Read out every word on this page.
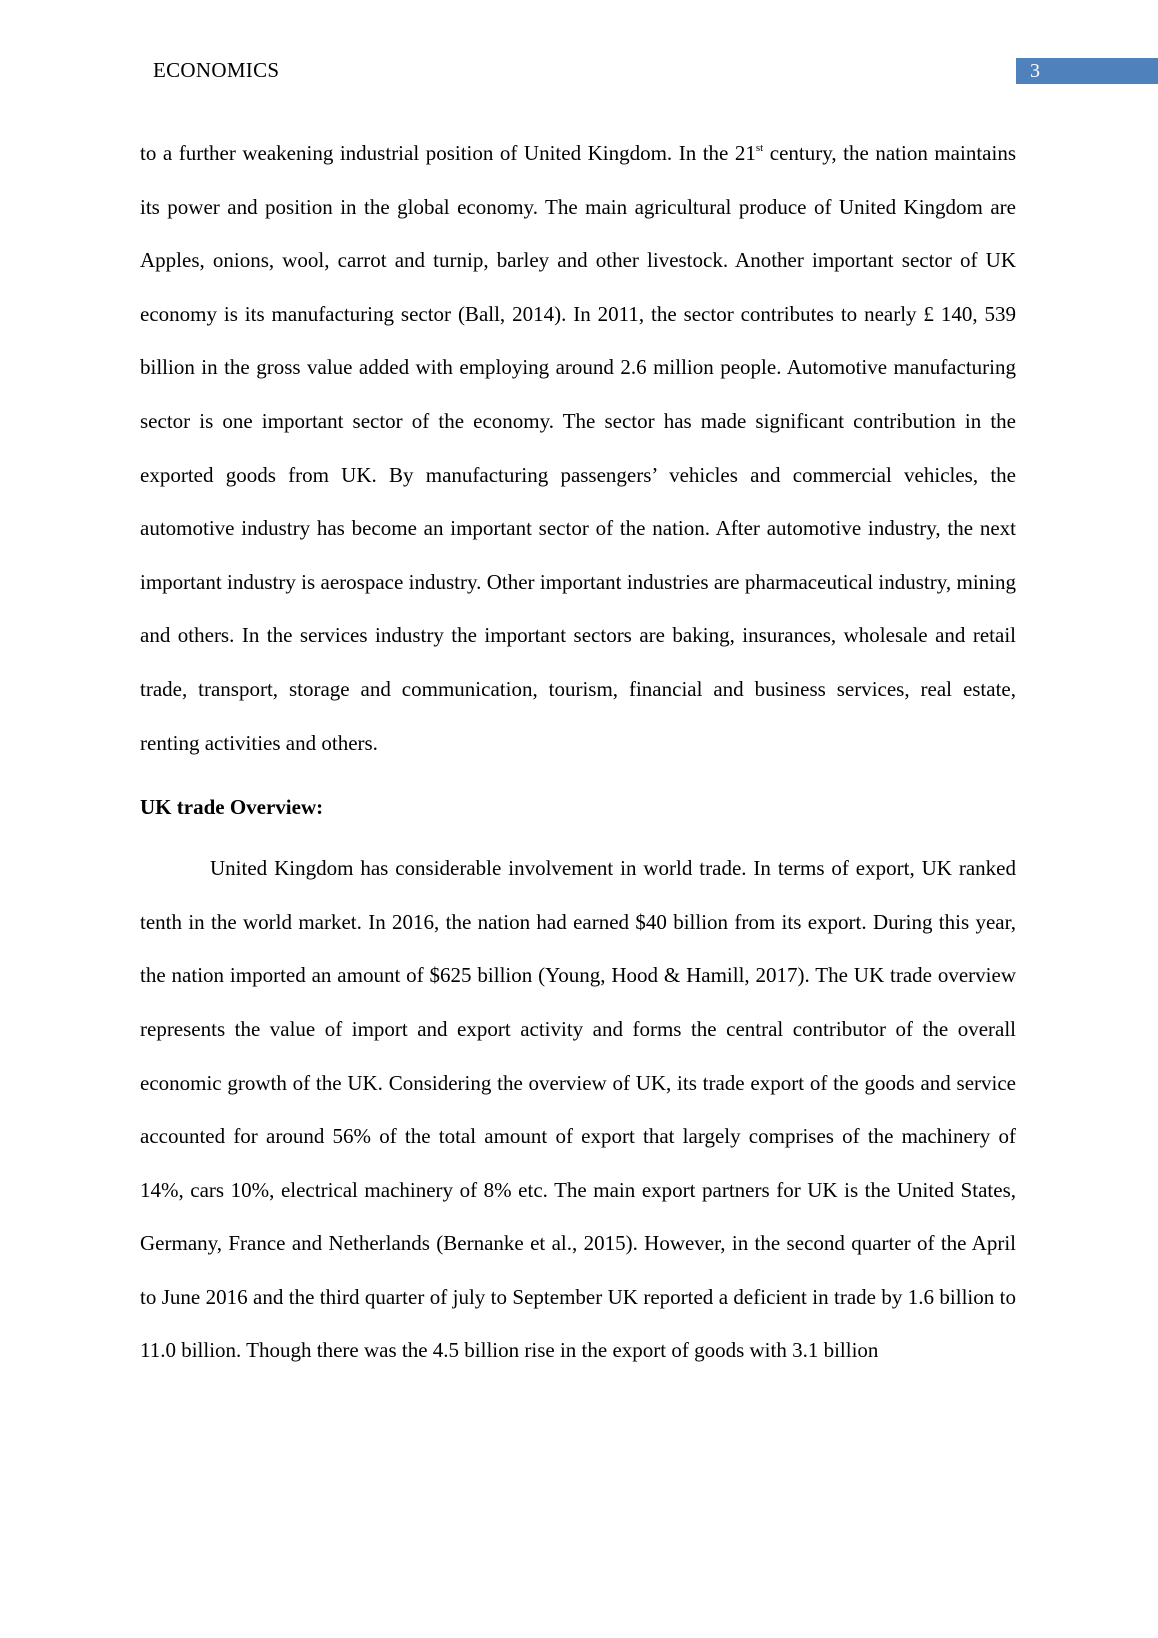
ECONOMICS	3

to a further weakening industrial position of United Kingdom. In the 21st century, the nation maintains its power and position in the global economy. The main agricultural produce of United Kingdom are Apples, onions, wool, carrot and turnip, barley and other livestock. Another important sector of UK economy is its manufacturing sector (Ball, 2014). In 2011, the sector contributes to nearly £ 140, 539 billion in the gross value added with employing around 2.6 million people. Automotive manufacturing sector is one important sector of the economy. The sector has made significant contribution in the exported goods from UK. By manufacturing passengers’ vehicles and commercial vehicles, the automotive industry has become an important sector of the nation. After automotive industry, the next important industry is aerospace industry. Other important industries are pharmaceutical industry, mining and others. In the services industry the important sectors are baking, insurances, wholesale and retail trade, transport, storage and communication, tourism, financial and business services, real estate, renting activities and others.

UK trade Overview:

United Kingdom has considerable involvement in world trade. In terms of export, UK ranked tenth in the world market. In 2016, the nation had earned $40 billion from its export. During this year, the nation imported an amount of $625 billion (Young, Hood & Hamill, 2017). The UK trade overview represents the value of import and export activity and forms the central contributor of the overall economic growth of the UK. Considering the overview of UK, its trade export of the goods and service accounted for around 56% of the total amount of export that largely comprises of the machinery of 14%, cars 10%, electrical machinery of 8% etc. The main export partners for UK is the United States, Germany, France and Netherlands (Bernanke et al., 2015). However, in the second quarter of the April to June 2016 and the third quarter of july to September UK reported a deficient in trade by 1.6 billion to 11.0 billion. Though there was the 4.5 billion rise in the export of goods with 3.1 billion
